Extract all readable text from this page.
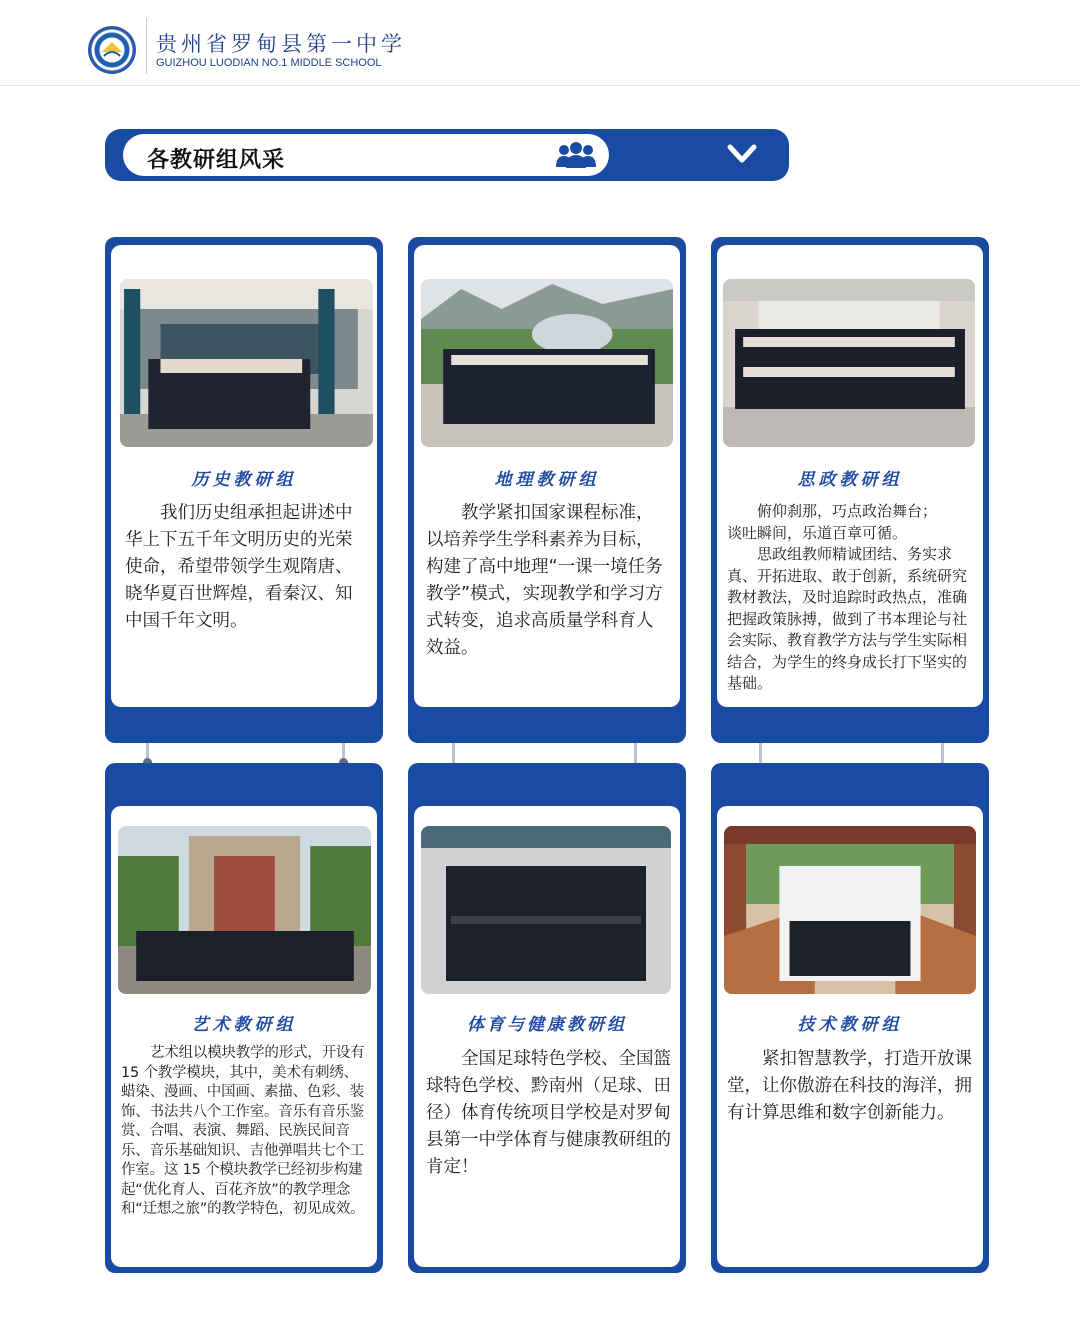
贵州省罗甸县第一中学
GUIZHOU LUODIAN NO.1 MIDDLE SCHOOL
各教研组风采
历史教研组

我们历史组承担起讲述中华上下五千年文明历史的光荣使命，希望带领学生观隋唐、晓华夏百世辉煌，看秦汉、知中国千年文明。

地理教研组

教学紧扣国家课程标准，以培养学生学科素养为目标，构建了高中地理“一课一境任务教学”模式，实现教学和学习方式转变，追求高质量学科育人效益。

思政教研组

俯仰刹那，巧点政治舞台；

谈吐瞬间，乐道百章可循。

思政组教师精诚团结、务实求真、开拓进取、敢于创新，系统研究教材教法，及时追踪时政热点，准确把握政策脉搏，做到了书本理论与社会实际、教育教学方法与学生实际相结合，为学生的终身成长打下坚实的基础。

艺术教研组

艺术组以模块教学的形式，开设有 15 个教学模块，其中，美术有刺绣、蜡染、漫画、中国画、素描、色彩、装饰、书法共八个工作室。音乐有音乐鉴赏、合唱、表演、舞蹈、民族民间音乐、音乐基础知识、吉他弹唱共七个工作室。这 15 个模块教学已经初步构建起“优化育人、百花齐放”的教学理念和“迁想之旅”的教学特色，初见成效。

体育与健康教研组

全国足球特色学校、全国篮球特色学校、黔南州（足球、田径）体育传统项目学校是对罗甸县第一中学体育与健康教研组的肯定！

技术教研组

紧扣智慧教学，打造开放课堂，让你傲游在科技的海洋，拥有计算思维和数字创新能力。
